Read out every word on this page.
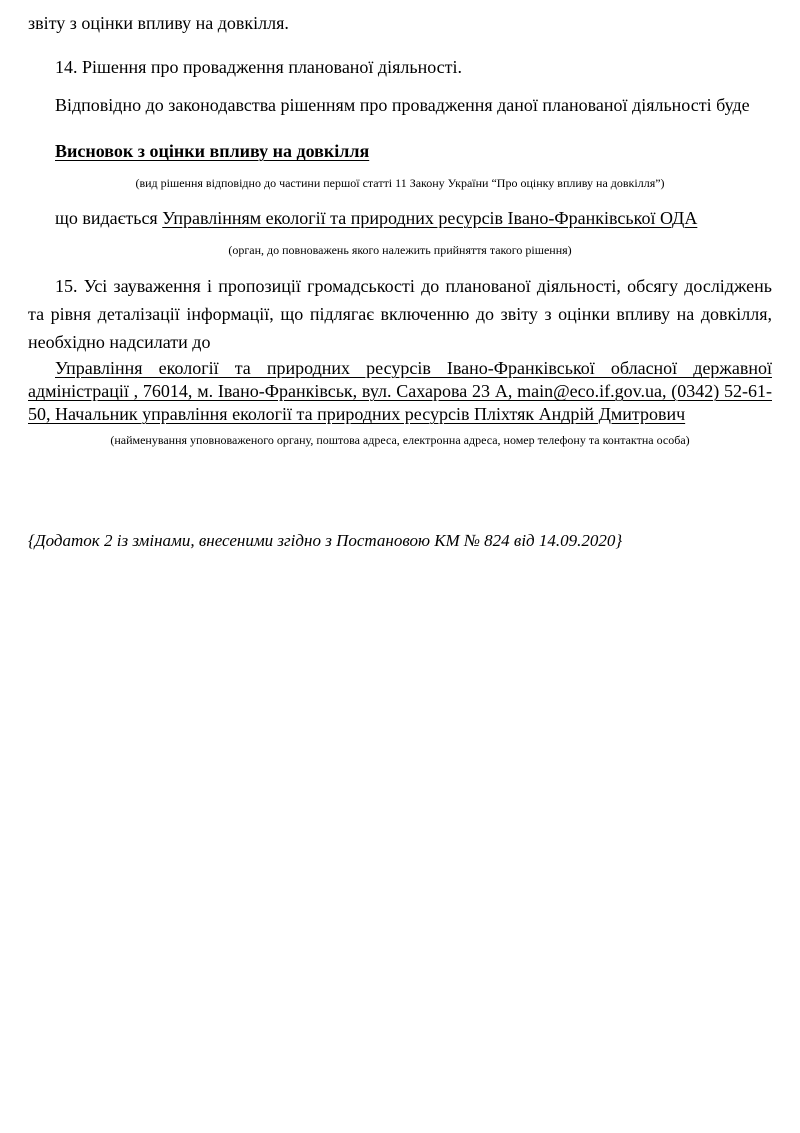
звіту з оцінки впливу на довкілля.

14. Рішення про провадження планованої діяльності.

Відповідно до законодавства рішенням про провадження даної планованої діяльності буде

Висновок з оцінки впливу на довкілля

(вид рішення відповідно до частини першої статті 11 Закону України “Про оцінку впливу на довкілля”)

що видається Управлінням екології та природних ресурсів Івано-Франківської ОДА

(орган, до повноважень якого належить прийняття такого рішення)

15. Усі зауваження і пропозиції громадськості до планованої діяльності, обсягу досліджень та рівня деталізації інформації, що підлягає включенню до звіту з оцінки впливу на довкілля, необхідно надсилати до

Управління екології та природних ресурсів Івано-Франківської обласної державної адміністрації , 76014, м. Івано-Франківськ, вул. Сахарова 23 А, main@eco.if.gov.ua, (0342) 52-61-50, Начальник управління екології та природних ресурсів Пліхтяк Андрій Дмитрович

(найменування уповноваженого органу, поштова адреса, електронна адреса, номер телефону та контактна особа)

{Додаток 2 із змінами, внесеними згідно з Постановою КМ № 824 від 14.09.2020}
